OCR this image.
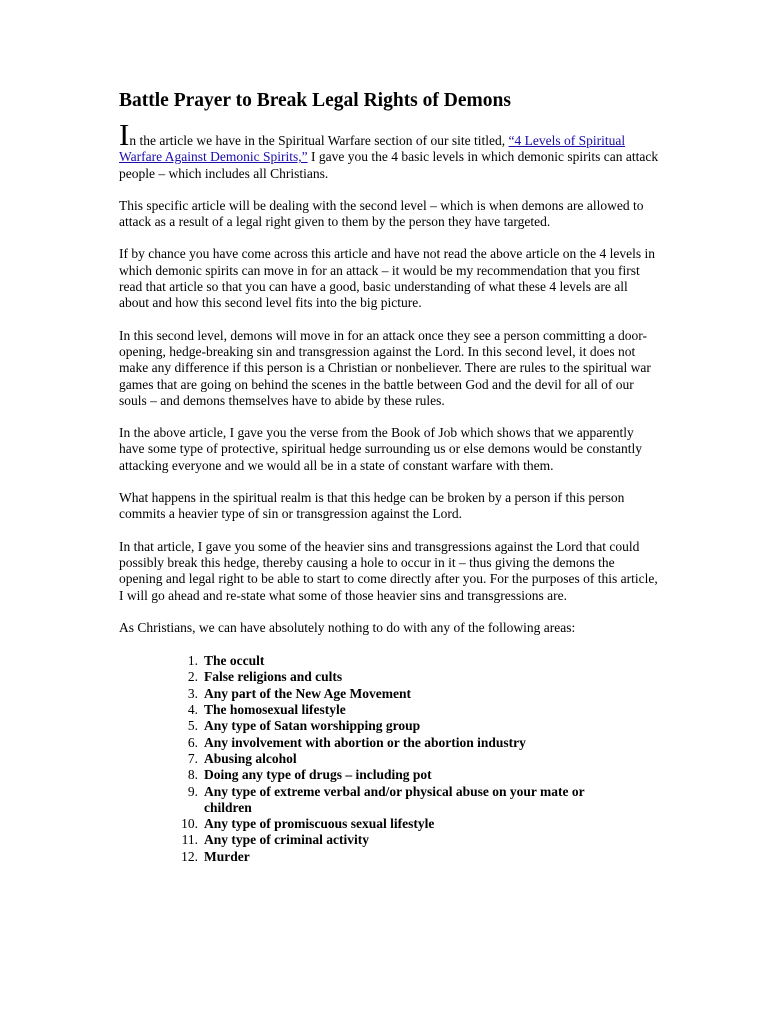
Battle Prayer to Break Legal Rights of Demons

In the article we have in the Spiritual Warfare section of our site titled, “4 Levels of Spiritual Warfare Against Demonic Spirits,” I gave you the 4 basic levels in which demonic spirits can attack people – which includes all Christians.

This specific article will be dealing with the second level – which is when demons are allowed to attack as a result of a legal right given to them by the person they have targeted.

If by chance you have come across this article and have not read the above article on the 4 levels in which demonic spirits can move in for an attack – it would be my recommendation that you first read that article so that you can have a good, basic understanding of what these 4 levels are all about and how this second level fits into the big picture.

In this second level, demons will move in for an attack once they see a person committing a door-opening, hedge-breaking sin and transgression against the Lord. In this second level, it does not make any difference if this person is a Christian or nonbeliever. There are rules to the spiritual war games that are going on behind the scenes in the battle between God and the devil for all of our souls – and demons themselves have to abide by these rules.

In the above article, I gave you the verse from the Book of Job which shows that we apparently have some type of protective, spiritual hedge surrounding us or else demons would be constantly attacking everyone and we would all be in a state of constant warfare with them.

What happens in the spiritual realm is that this hedge can be broken by a person if this person commits a heavier type of sin or transgression against the Lord.

In that article, I gave you some of the heavier sins and transgressions against the Lord that could possibly break this hedge, thereby causing a hole to occur in it – thus giving the demons the opening and legal right to be able to start to come directly after you. For the purposes of this article, I will go ahead and re-state what some of those heavier sins and transgressions are.

As Christians, we can have absolutely nothing to do with any of the following areas:

1. The occult
2. False religions and cults
3. Any part of the New Age Movement
4. The homosexual lifestyle
5. Any type of Satan worshipping group
6. Any involvement with abortion or the abortion industry
7. Abusing alcohol
8. Doing any type of drugs – including pot
9. Any type of extreme verbal and/or physical abuse on your mate or children
10. Any type of promiscuous sexual lifestyle
11. Any type of criminal activity
12. Murder
